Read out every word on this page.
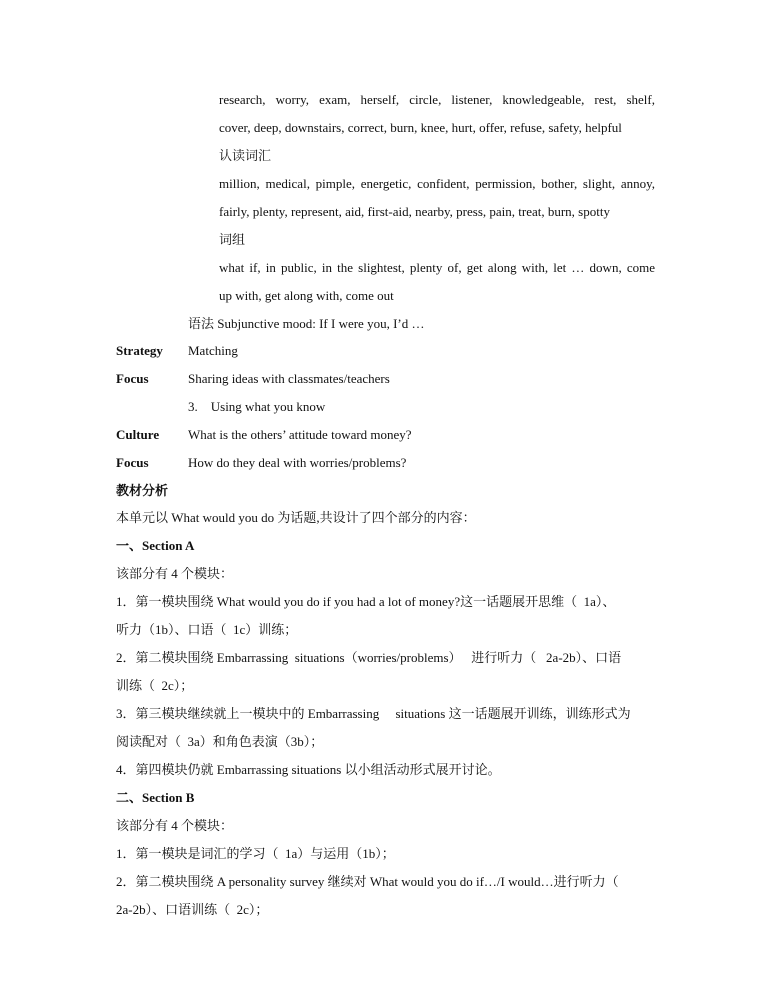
research, worry, exam, herself, circle, listener, knowledgeable, rest, shelf,
cover, deep, downstairs, correct, burn, knee, hurt, offer, refuse, safety, helpful
认读词汇
million, medical, pimple, energetic, confident, permission, bother, slight, annoy,
fairly, plenty, represent, aid, first-aid, nearby, press, pain, treat, burn, spotty
词组
what if, in public, in the slightest, plenty of, get along with, let … down, come
up with, get along with, come out
语法 Subjunctive mood: If I were you, I’d …
Strategy Matching
Focus	Sharing ideas with classmates/teachers
3.    Using what you know
Culture What is the others’ attitude toward money?
Focus	How do they deal with worries/problems?
教材分析
本单元以 What would you do 为话题,共设计了四个部分的内容：
一、Section A
该部分有 4 个模块：
1．第一模块围绕 What would you do if you had a lot of money?这一话题展开思维（  1a）、
听力（1b）、口语（  1c）训练；
2．第二模块围绕 Embarrassing  situations（worries/problems）   进行听力（   2a-2b）、口语
训练（  2c）；
3．第三模块继续就上一模块中的 Embarrassing     situations 这一话题展开训练，训练形式为
阅读配对（  3a）和角色表演（3b）；
4．第四模块仍就 Embarrassing situations 以小组活动形式展开讨论。
二、Section B
该部分有 4 个模块：
1．第一模块是词汇的学习（  1a）与运用（1b）；
2．第二模块围绕 A personality survey 继续对 What would you do if…/I would…进行听力（
2a-2b）、口语训练（  2c）；
